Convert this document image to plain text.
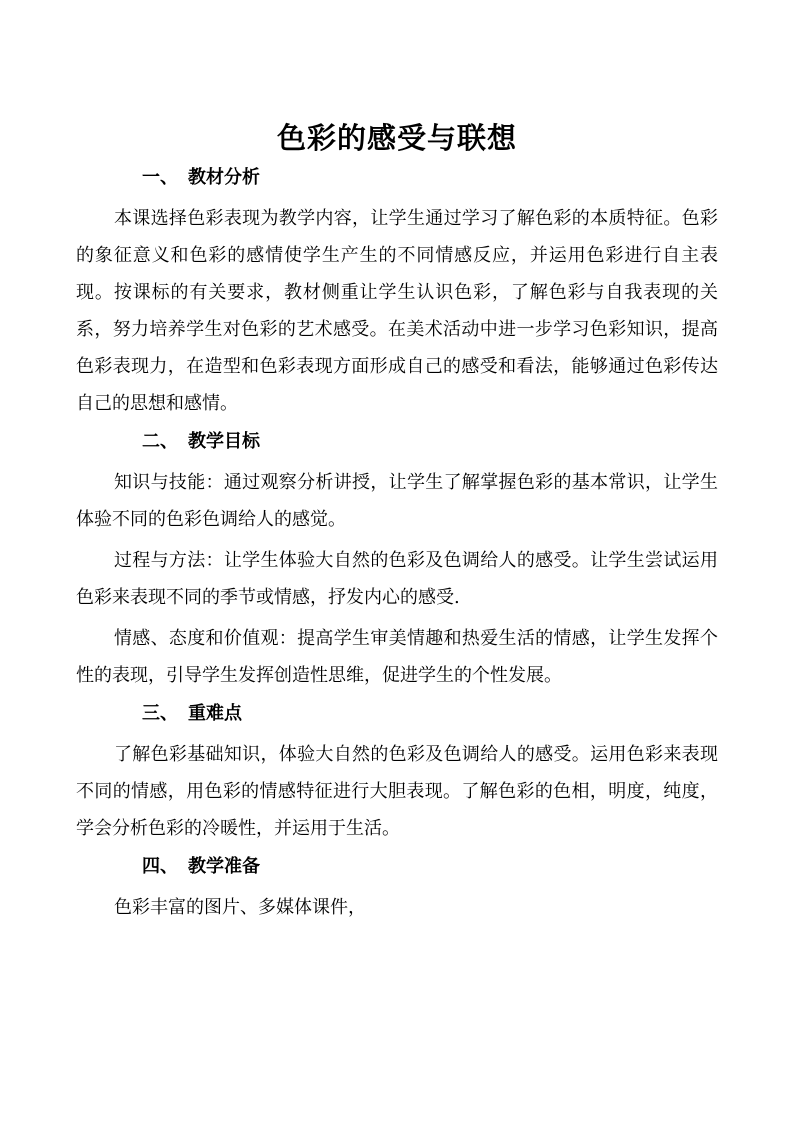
色彩的感受与联想
一、 教材分析

本课选择色彩表现为教学内容，让学生通过学习了解色彩的本质特征。色彩的象征意义和色彩的感情使学生产生的不同情感反应，并运用色彩进行自主表现。按课标的有关要求，教材侧重让学生认识色彩，了解色彩与自我表现的关系，努力培养学生对色彩的艺术感受。在美术活动中进一步学习色彩知识，提高色彩表现力，在造型和色彩表现方面形成自己的感受和看法，能够通过色彩传达自己的思想和感情。

二、 教学目标

知识与技能：通过观察分析讲授，让学生了解掌握色彩的基本常识，让学生体验不同的色彩色调给人的感觉。

过程与方法：让学生体验大自然的色彩及色调给人的感受。让学生尝试运用色彩来表现不同的季节或情感，抒发内心的感受.

情感、态度和价值观：提高学生审美情趣和热爱生活的情感，让学生发挥个性的表现，引导学生发挥创造性思维，促进学生的个性发展。

三、 重难点

了解色彩基础知识，体验大自然的色彩及色调给人的感受。运用色彩来表现不同的情感，用色彩的情感特征进行大胆表现。了解色彩的色相，明度，纯度，学会分析色彩的冷暖性，并运用于生活。

四、 教学准备

色彩丰富的图片、多媒体课件，
